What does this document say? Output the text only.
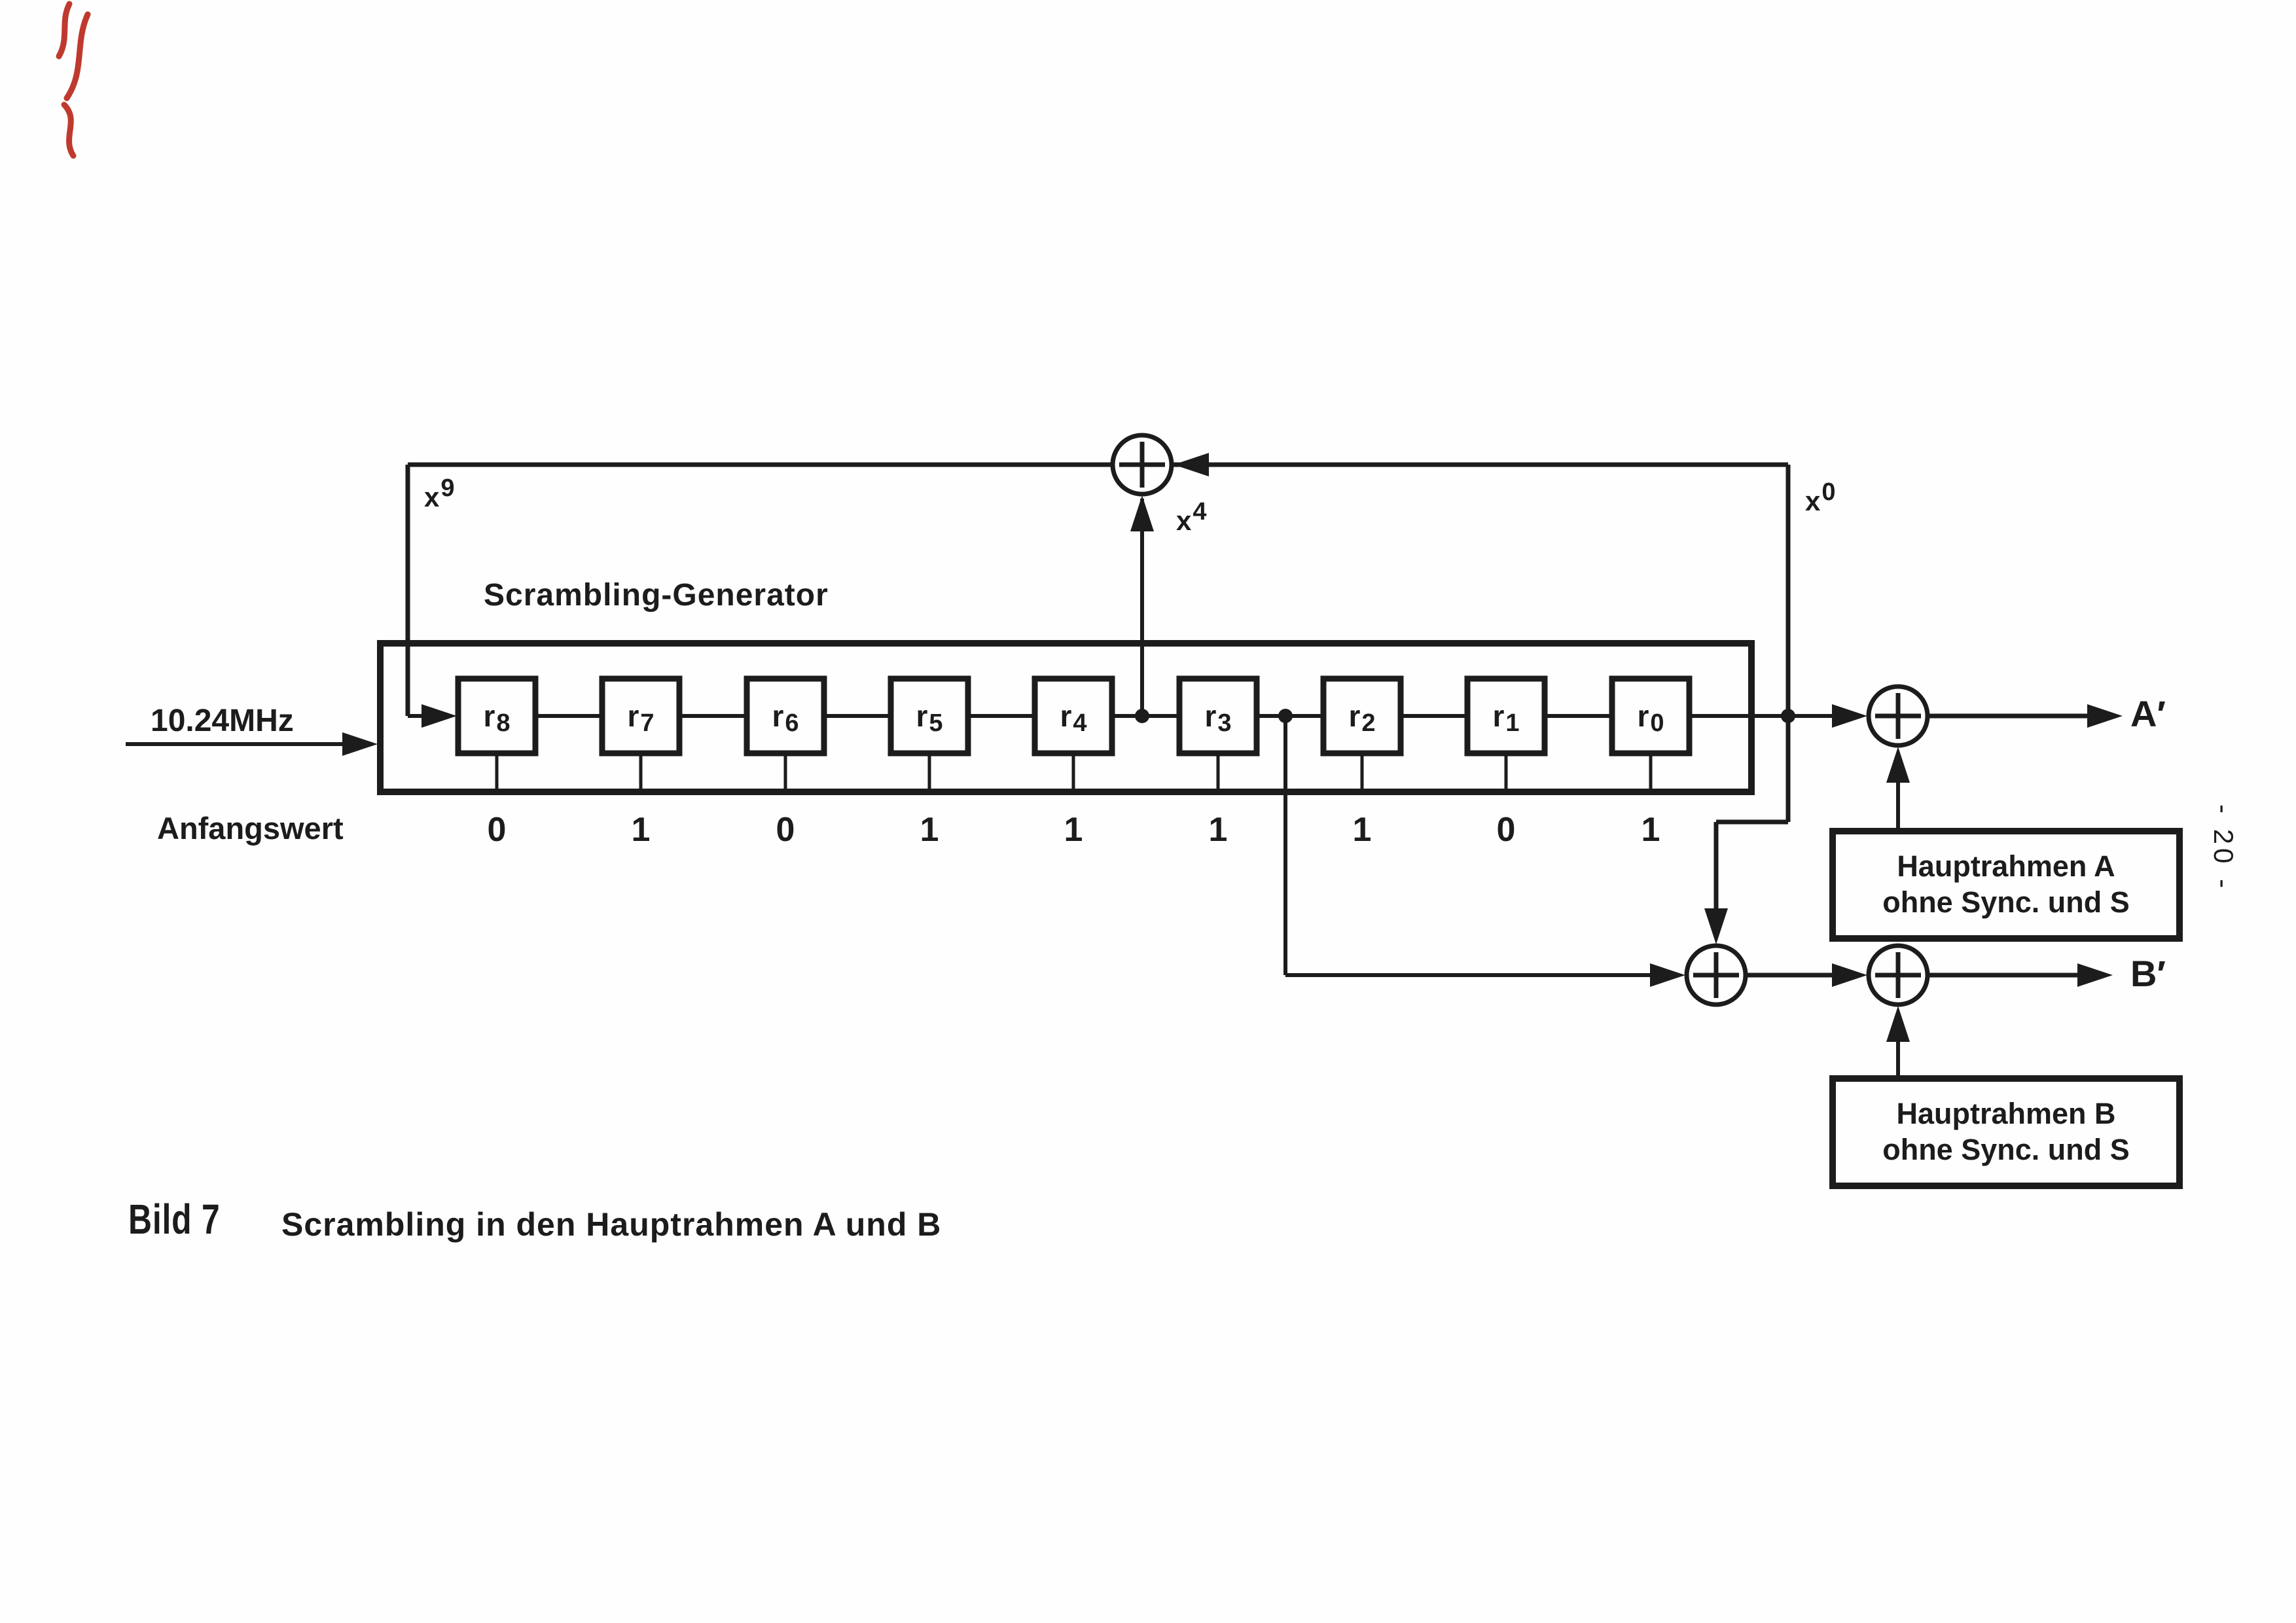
x9
x4	x0
Scrambling-Generator
10.24MHz
Anfangswert
r 8	r 7	r 6	r 5	r 4	r 3	r 2	r 1	r 0
0	1	0	1	1	1	1	0	1
A′
B′
Hauptrahmen A
ohne Sync. und S
Hauptrahmen B
ohne Sync. und S
Bild 7	Scrambling in den Hauptrahmen A und B
- 20 -
